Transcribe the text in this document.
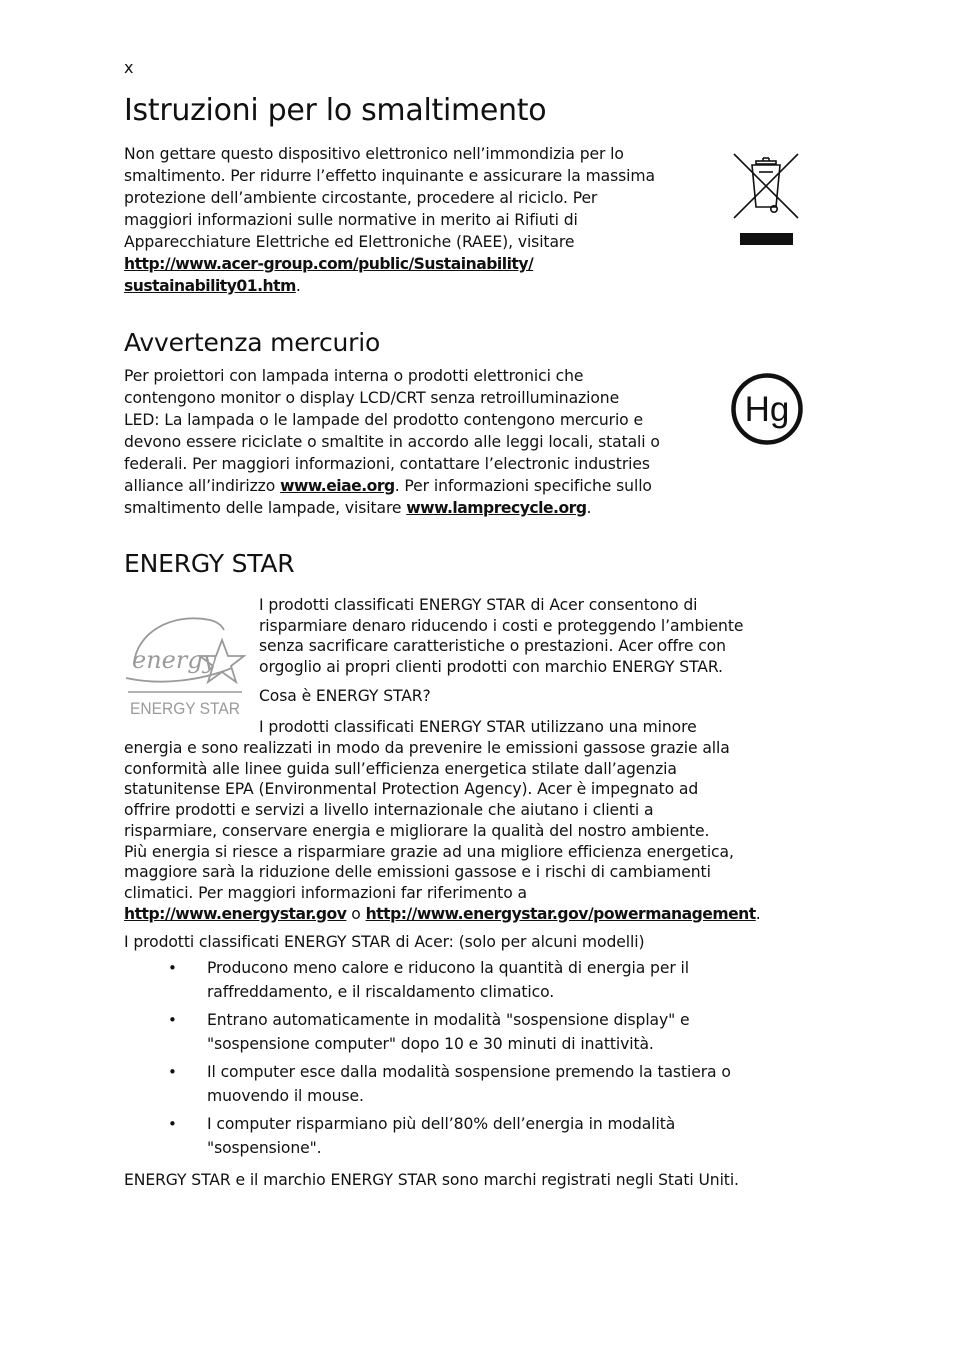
x
Istruzioni per lo smaltimento

Non gettare questo dispositivo elettronico nell’immondizia per lo
smaltimento. Per ridurre l’effetto inquinante e assicurare la massima
protezione dell’ambiente circostante, procedere al riciclo. Per
maggiori informazioni sulle normative in merito ai Rifiuti di
Apparecchiature Elettriche ed Elettroniche (RAEE), visitare
http://www.acer-group.com/public/Sustainability/
sustainability01.htm.

Avvertenza mercurio

Per proiettori con lampada interna o prodotti elettronici che
contengono monitor o display LCD/CRT senza retroilluminazione
LED: La lampada o le lampade del prodotto contengono mercurio e
devono essere riciclate o smaltite in accordo alle leggi locali, statali o
federali. Per maggiori informazioni, contattare l’electronic industries
alliance all’indirizzo www.eiae.org. Per informazioni specifiche sullo
smaltimento delle lampade, visitare www.lamprecycle.org.

Hg
ENERGY STAR
energy
ENERGY STAR

I prodotti classificati ENERGY STAR di Acer consentono di
risparmiare denaro riducendo i costi e proteggendo l’ambiente
senza sacrificare caratteristiche o prestazioni. Acer offre con
orgoglio ai propri clienti prodotti con marchio ENERGY STAR.

Cosa è ENERGY STAR?

I prodotti classificati ENERGY STAR utilizzano una minore

energia e sono realizzati in modo da prevenire le emissioni gassose grazie alla
conformità alle linee guida sull’efficienza energetica stilate dall’agenzia
statunitense EPA (Environmental Protection Agency). Acer è impegnato ad
offrire prodotti e servizi a livello internazionale che aiutano i clienti a
risparmiare, conservare energia e migliorare la qualità del nostro ambiente.
Più energia si riesce a risparmiare grazie ad una migliore efficienza energetica,
maggiore sarà la riduzione delle emissioni gassose e i rischi di cambiamenti
climatici. Per maggiori informazioni far riferimento a
http://www.energystar.gov o http://www.energystar.gov/powermanagement.

I prodotti classificati ENERGY STAR di Acer: (solo per alcuni modelli)

• Producono meno calore e riducono la quantità di energia per il
raffreddamento, e il riscaldamento climatico.
• Entrano automaticamente in modalità "sospensione display" e
"sospensione computer" dopo 10 e 30 minuti di inattività.
• Il computer esce dalla modalità sospensione premendo la tastiera o
muovendo il mouse.
• I computer risparmiano più dell’80% dell’energia in modalità
"sospensione".

ENERGY STAR e il marchio ENERGY STAR sono marchi registrati negli Stati Uniti.
